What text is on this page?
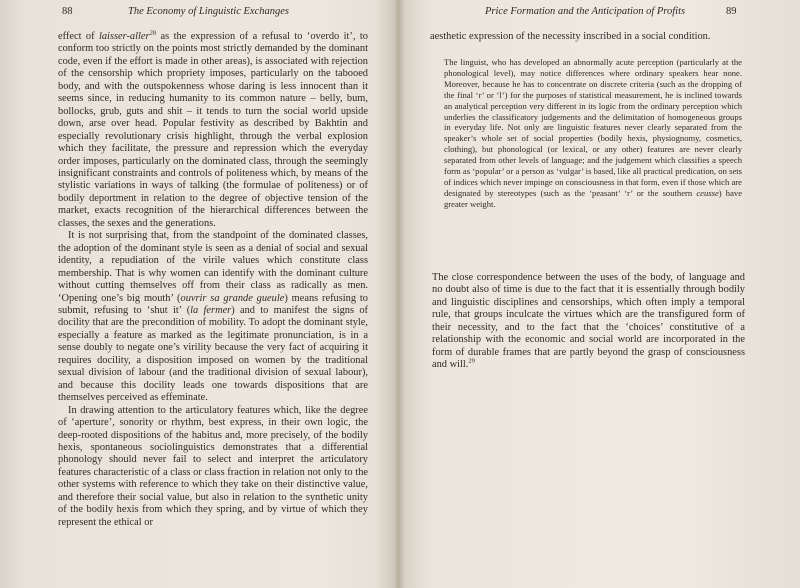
88	The Economy of Linguistic Exchanges

effect of laisser-aller$^{28}$ as the expression of a refusal to ‘overdo it’, to conform too strictly on the points most strictly demanded by the dominant code, even if the effort is made in other areas), is associated with rejection of the censorship which propriety imposes, particularly on the tabooed body, and with the outspokenness whose daring is less innocent than it seems since, in reducing humanity to its common nature – belly, bum, bollocks, grub, guts and shit – it tends to turn the social world upside down, arse over head. Popular festivity as described by Bakhtin and especially revolutionary crisis highlight, through the verbal explosion which they facilitate, the pressure and repression which the everyday order imposes, particularly on the dominated class, through the seemingly insignificant constraints and controls of politeness which, by means of the stylistic variations in ways of talking (the formulae of politeness) or of bodily deportment in relation to the degree of objective tension of the market, exacts recognition of the hierarchical differences between the classes, the sexes and the generations.

It is not surprising that, from the standpoint of the dominated classes, the adoption of the dominant style is seen as a denial of social and sexual identity, a repudiation of the virile values which constitute class membership. That is why women can identify with the dominant culture without cutting themselves off from their class as radically as men. ‘Opening one’s big mouth’ (ouvrir sa grande gueule) means refusing to submit, refusing to ‘shut it’ (la fermer) and to manifest the signs of docility that are the precondition of mobility. To adopt the dominant style, especially a feature as marked as the legitimate pronunciation, is in a sense doubly to negate one’s virility because the very fact of acquiring it requires docility, a disposition imposed on women by the traditional sexual division of labour (and the traditional division of sexual labour), and because this docility leads one towards dispositions that are themselves perceived as effeminate.

In drawing attention to the articulatory features which, like the degree of ‘aperture’, sonority or rhythm, best express, in their own logic, the deep-rooted dispositions of the habitus and, more precisely, of the bodily hexis, spontaneous sociolinguistics demonstrates that a differential phonology should never fail to select and interpret the articulatory features characteristic of a class or class fraction in relation not only to the other systems with reference to which they take on their distinctive value, and therefore their social value, but also in relation to the synthetic unity of the bodily hexis from which they spring, and by virtue of which they represent the ethical or

Price Formation and the Anticipation of Profits	89
aesthetic expression of the necessity inscribed in a social condition.
The linguist, who has developed an abnormally acute perception (particularly at the phonological level), may notice differences where ordinary speakers hear none. Moreover, because he has to concentrate on discrete criteria (such as the dropping of the final ‘r’ or ‘l’) for the purposes of statistical measurement, he is inclined towards an analytical perception very different in its logic from the ordinary perception which underlies the classificatory judgements and the delimitation of homogeneous groups in everyday life. Not only are linguistic features never clearly separated from the speaker’s whole set of social properties (bodily hexis, physiognomy, cosmetics, clothing), but phonological (or lexical, or any other) features are never clearly separated from other levels of language; and the judgement which classifies a speech form as ‘popular’ or a person as ‘vulgar’ is based, like all practical predication, on sets of indices which never impinge on consciousness in that form, even if those which are designated by stereotypes (such as the ‘peasant’ ‘r’ or the southern ceusse) have greater weight.
The close correspondence between the uses of the body, of language and no doubt also of time is due to the fact that it is essentially through bodily and linguistic disciplines and censorships, which often imply a temporal rule, that groups inculcate the virtues which are the transfigured form of their necessity, and to the fact that the ‘choices’ constitutive of a relationship with the economic and social world are incorporated in the form of durable frames that are partly beyond the grasp of consciousness and will.$^{29}$
